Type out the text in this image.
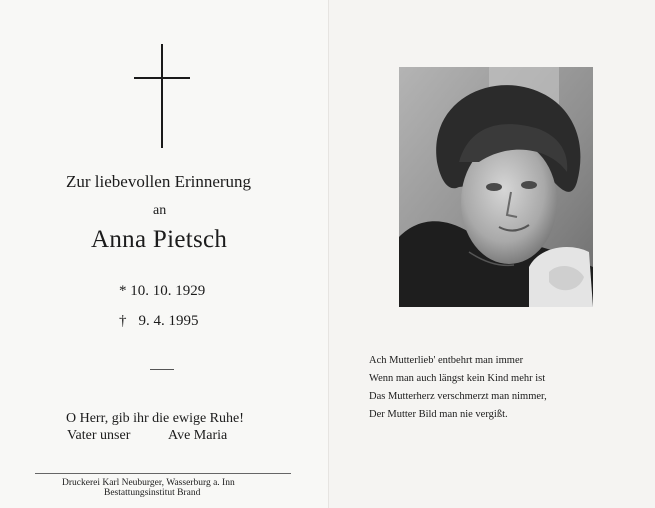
Zur liebevollen Erinnerung
an
Anna Pietsch
* 10. 10. 1929
† 9. 4. 1995
O Herr, gib ihr die ewige Ruhe!
Vater unser	Ave Maria
Druckerei Karl Neuburger, Wasserburg a. Inn
Bestattungsinstitut Brand
Ach Mutterlieb' entbehrt man immer
Wenn man auch längst kein Kind mehr ist
Das Mutterherz verschmerzt man nimmer,
Der Mutter Bild man nie vergißt.
